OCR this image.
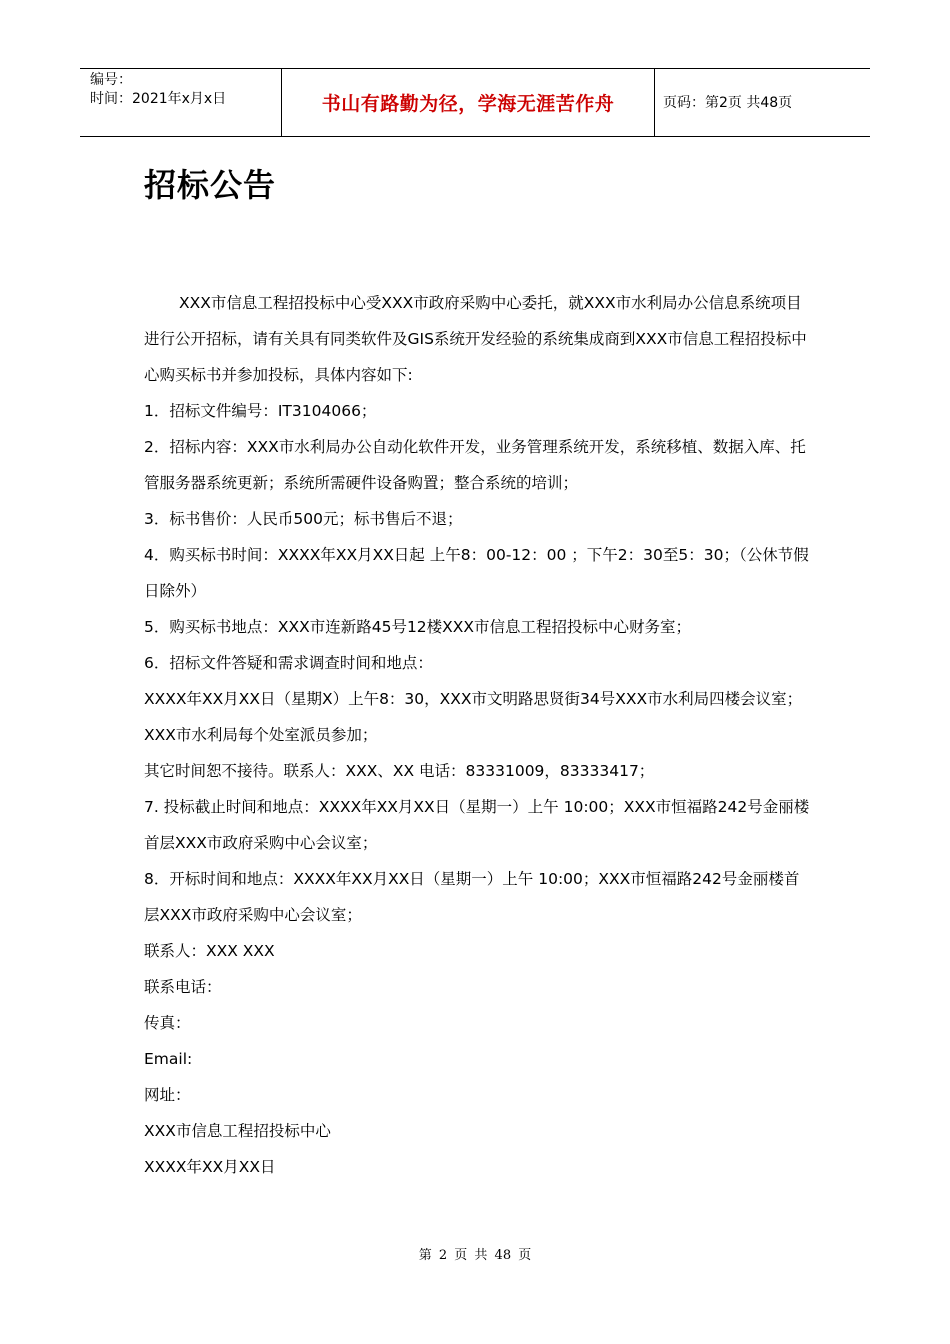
编号：
时间：2021年x月x日	书山有路勤为径，学海无涯苦作舟	页码：第2页 共48页
招标公告

XXX市信息工程招投标中心受XXX市政府采购中心委托，就XXX市水利局办公信息系统项目进行公开招标，请有关具有同类软件及GIS系统开发经验的系统集成商到XXX市信息工程招投标中心购买标书并参加投标，具体内容如下:

1．招标文件编号：IT3104066；

2．招标内容：XXX市水利局办公自动化软件开发，业务管理系统开发，系统移植、数据入库、托管服务器系统更新；系统所需硬件设备购置；整合系统的培训；

3．标书售价：人民币500元；标书售后不退；

4．购买标书时间：XXXX年XX月XX日起 上午8：00-12：00 ；下午2：30至5：30；（公休节假日除外）

5．购买标书地点：XXX市连新路45号12楼XXX市信息工程招投标中心财务室；

6．招标文件答疑和需求调查时间和地点：

XXXX年XX月XX日（星期X）上午8：30，XXX市文明路思贤街34号XXX市水利局四楼会议室；XXX市水利局每个处室派员参加；

其它时间恕不接待。联系人：XXX、XX 电话：83331009，83333417；

7. 投标截止时间和地点：XXXX年XX月XX日（星期一）上午 10:00；XXX市恒福路242号金丽楼首层XXX市政府采购中心会议室；

8．开标时间和地点：XXXX年XX月XX日（星期一）上午 10:00；XXX市恒福路242号金丽楼首层XXX市政府采购中心会议室；

联系人：XXX XXX

联系电话：

传真：

Email:

网址：

XXX市信息工程招投标中心

XXXX年XX月XX日

第 2 页 共 48 页
